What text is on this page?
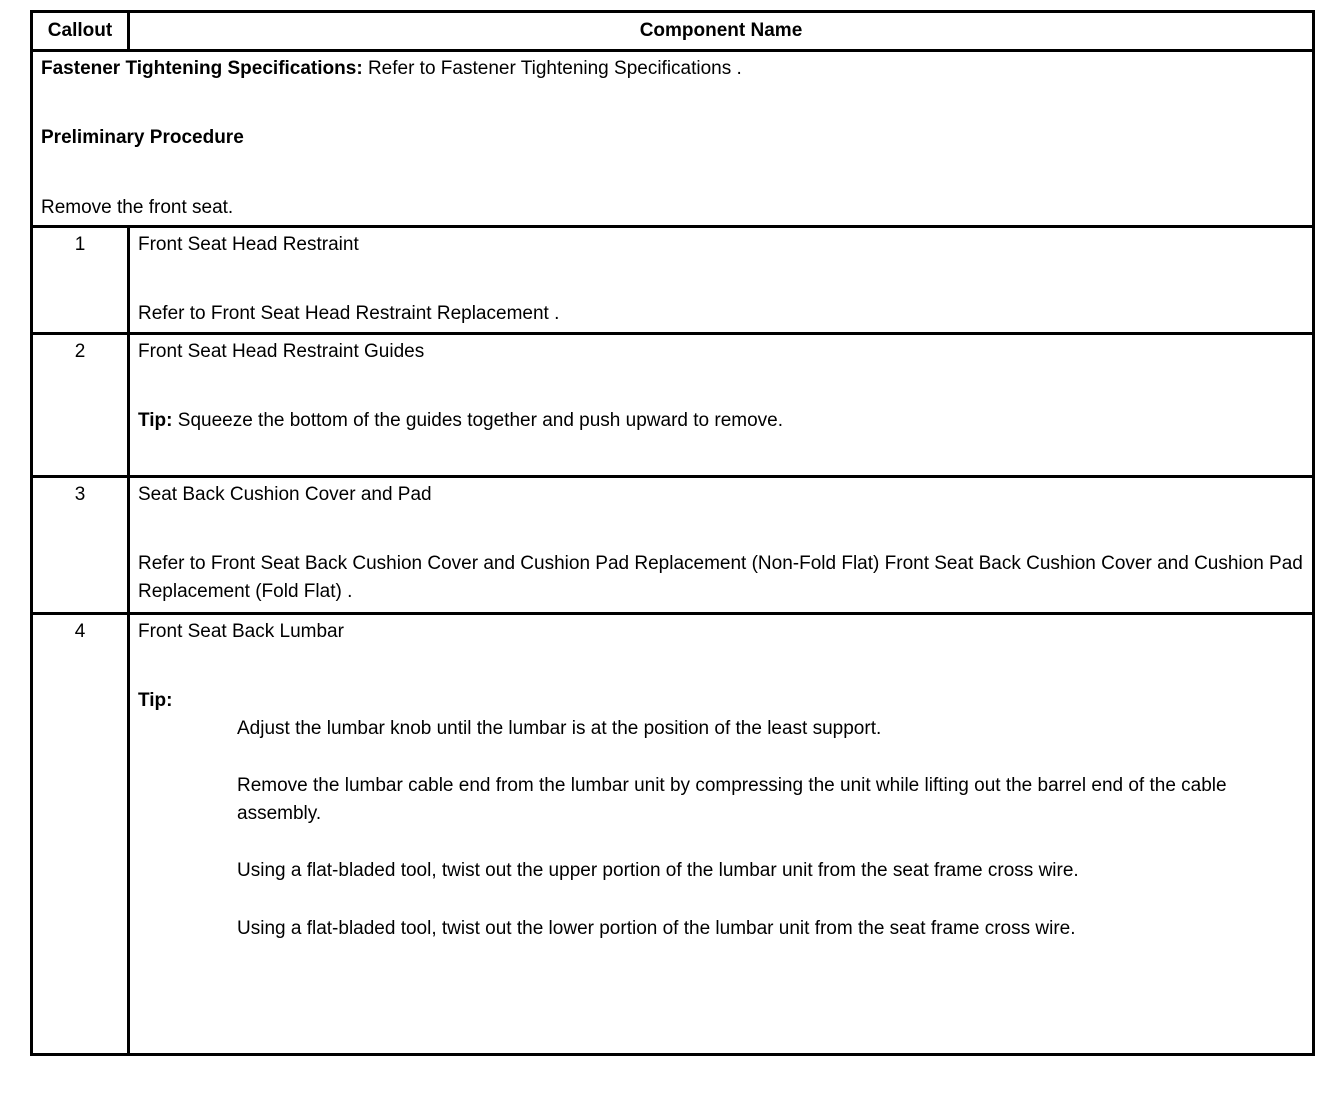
Callout	Component Name

Fastener Tightening Specifications: Refer to Fastener Tightening Specifications .

Preliminary Procedure

Remove the front seat.	

1	Front Seat Head Restraint

Refer to Front Seat Head Restraint Replacement .

2	Front Seat Head Restraint Guides

Tip: Squeeze the bottom of the guides together and push upward to remove.

3	Seat Back Cushion Cover and Pad

Refer to Front Seat Back Cushion Cover and Cushion Pad Replacement (Non-Fold Flat) Front Seat Back Cushion Cover and Cushion Pad Replacement (Fold Flat) .

4	Front Seat Back Lumbar

Tip:

Adjust the lumbar knob until the lumbar is at the position of the least support.

Remove the lumbar cable end from the lumbar unit by compressing the unit while lifting out the barrel end of the cable assembly.

Using a flat-bladed tool, twist out the upper portion of the lumbar unit from the seat frame cross wire.

Using a flat-bladed tool, twist out the lower portion of the lumbar unit from the seat frame cross wire.
